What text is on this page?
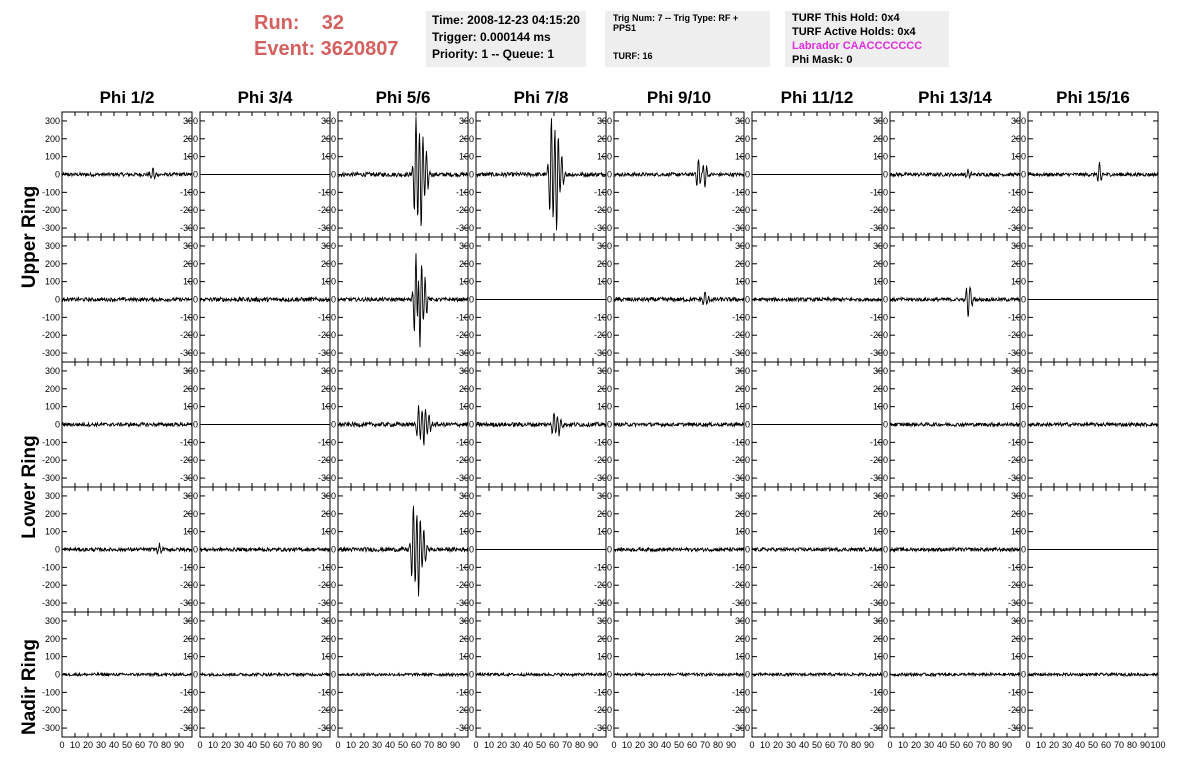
Run:    32
Event: 3620807
Time: 2008-12-23 04:15:20
Trigger: 0.000144 ms
Priority: 1 -- Queue: 1
Trig Num: 7 -- Trig Type: RF + PPS1
TURF: 16
TURF This Hold: 0x4
TURF Active Holds: 0x4
Labrador CAACCCCCCC
Phi Mask: 0
Phi 1/2	Phi 3/4	Phi 5/6	Phi 7/8	Phi 9/10	Phi 11/12	Phi 13/14	Phi 15/16
Upper Ring
Lower Ring
Nadir Ring
-300
-200
-100
0
100
200
300
-300
-200
-100
0
100
200
300
-300
-200
-100
0
100
200
300
-300
-200
-100
0
100
200
300
-300
-200
-100
0
100
200
300
-300
-200
-100
0
100
200
300
-300
-200
-100
0
100
200
300
-300
-200
-100
0
100
200
300
-300
-200
-100
0
100
200
300
-300
-200
-100
0
100
200
300
-300
-200
-100
0
100
200
300
-300
-200
-100
0
100
200
300
-300
-200
-100
0
100
200
300
-300
-200
-100
0
100
200
300
-300
-200
-100
0
100
200
300
-300
-200
-100
0
100
200
300
-300
-200
-100
0
100
200
300
-300
-200
-100
0
100
200
300
-300
-200
-100
0
100
200
300
-300
-200
-100
0
100
200
300
-300
-200
-100
0
100
200
300
-300
-200
-100
0
100
200
300
-300
-200
-100
0
100
200
300
-300
-200
-100
0
100
200
300
-300
-200
-100
0
100
200
300
-300
-200
-100
0
100
200
300
-300
-200
-100
0
100
200
300
-300
-200
-100
0
100
200
300
-300
-200
-100
0
100
200
300
-300
-200
-100
0
100
200
300
-300
-200
-100
0
100
200
300
-300
-200
-100
0
100
200
300
-300
-200
-100
0
100
200
300
0 10 20 30 40 50 60 70 80 90
-300
-200
-100
0
100
200
300
0 10 20 30 40 50 60 70 80 90
-300
-200
-100
0
100
200
300
0 10 20 30 40 50 60 70 80 90
-300
-200
-100
0
100
200
300
0 10 20 30 40 50 60 70 80 90
-300
-200
-100
0
100
200
300
0 10 20 30 40 50 60 70 80 90
-300
-200
-100
0
100
200
300
0 10 20 30 40 50 60 70 80 90
-300
-200
-100
0
100
200
300
0 10 20 30 40 50 60 70 80 90
-300
-200
-100
0
100
200
300
0 10 20 30 40 50 60 70 80 90 100
